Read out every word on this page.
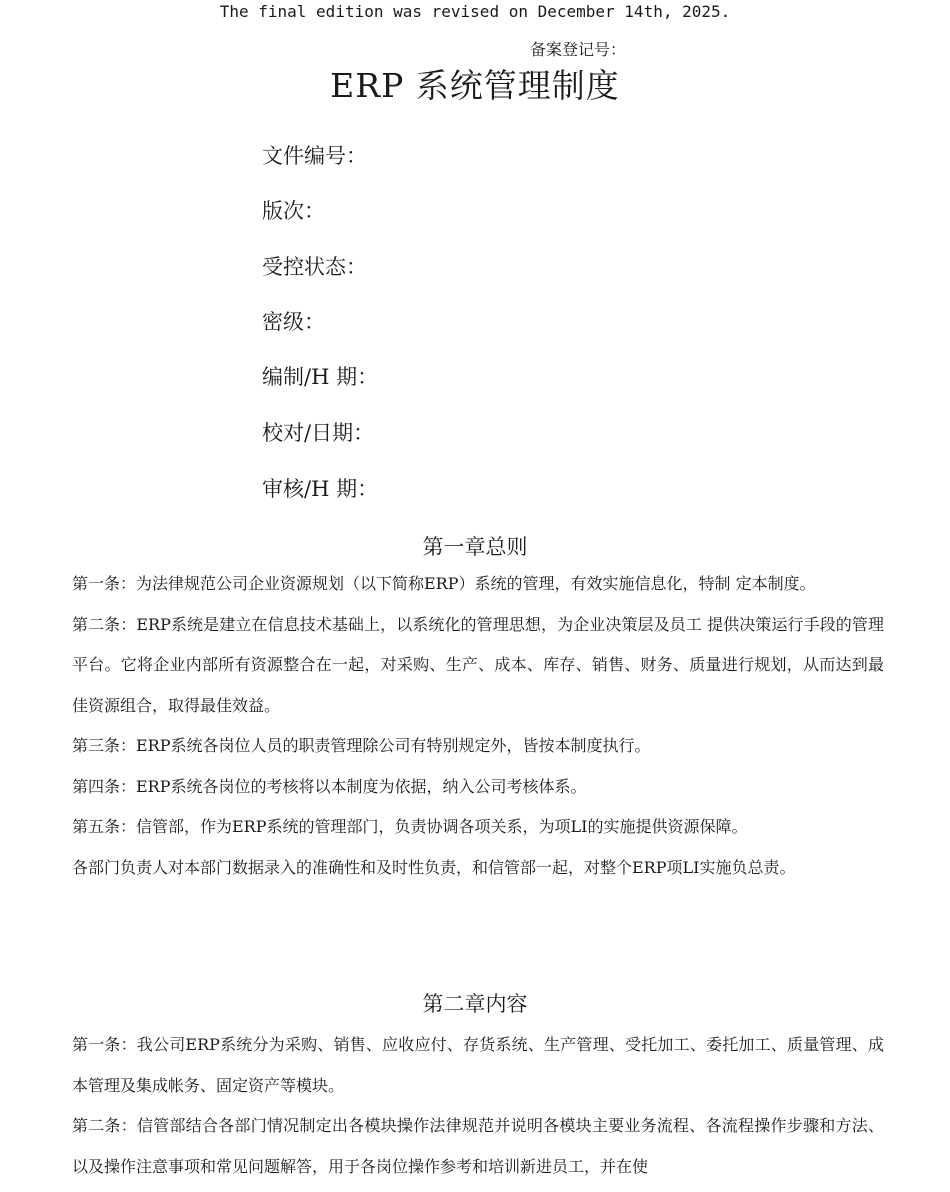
The final edition was revised on December 14th, 2025.
备案登记号：
ERP 系统管理制度
文件编号：
版次：
受控状态：
密级：
编制/H 期：
校对/日期：
审核/H 期：
第一章总则

第一条：为法律规范公司企业资源规划（以下简称ERP）系统的管理，有效实施信息化，特制 定本制度。

第二条：ERP系统是建立在信息技术基础上，以系统化的管理思想，为企业决策层及员工 提供决策运行手段的管理平台。它将企业内部所有资源整合在一起，对采购、生产、成本、库存、销售、财务、质量进行规划，从而达到最佳资源组合，取得最佳效益。

第三条：ERP系统各岗位人员的职责管理除公司有特别规定外，皆按本制度执行。

第四条：ERP系统各岗位的考核将以本制度为依据，纳入公司考核体系。

第五条：信管部，作为ERP系统的管理部门，负责协调各项关系，为项LI的实施提供资源保障。

各部门负责人对本部门数据录入的准确性和及时性负责，和信管部一起，对整个ERP项LI实施负总责。

第二章内容

第一条：我公司ERP系统分为采购、销售、应收应付、存货系统、生产管理、受托加工、委托加工、质量管理、成本管理及集成帐务、固定资产等模块。

第二条：信管部结合各部门情况制定出各模块操作法律规范并说明各模块主要业务流程、各流程操作步骤和方法、以及操作注意事项和常见问题解答，用于各岗位操作参考和培训新进员工，并在使
